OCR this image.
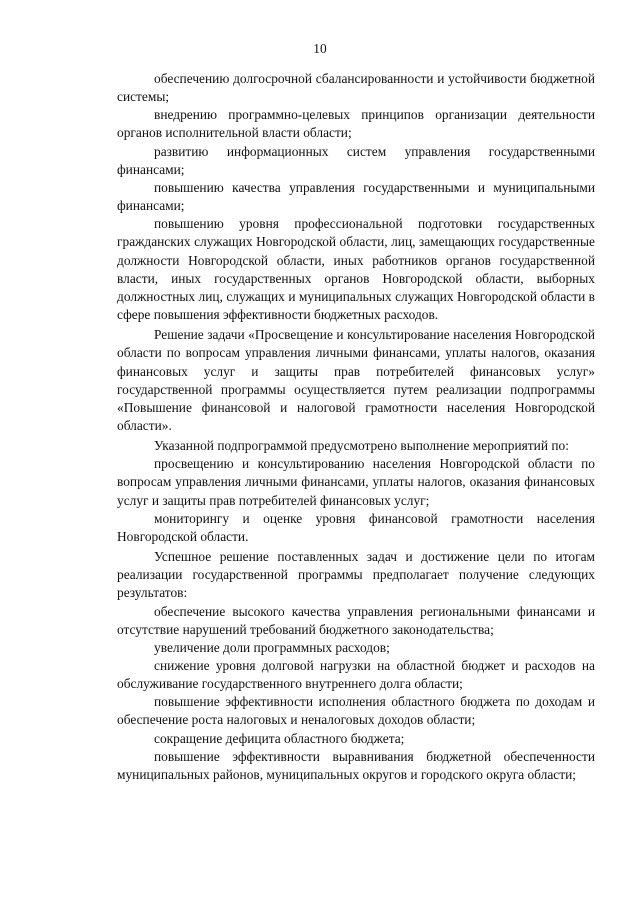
10

обеспечению долгосрочной сбалансированности и устойчивости бюджетной системы;

внедрению программно-целевых принципов организации деятельности органов исполнительной власти области;

развитию информационных систем управления государственными финансами;

повышению качества управления государственными и муниципальными финансами;

повышению уровня профессиональной подготовки государственных гражданских служащих Новгородской области, лиц, замещающих государственные должности Новгородской области, иных работников органов государственной власти, иных государственных органов Новгородской области, выборных должностных лиц, служащих и муниципальных служащих Новгородской области в сфере повышения эффективности бюджетных расходов.

Решение задачи «Просвещение и консультирование населения Новгородской области по вопросам управления личными финансами, уплаты налогов, оказания финансовых услуг и защиты прав потребителей финансовых услуг» государственной программы осуществляется путем реализации подпрограммы «Повышение финансовой и налоговой грамотности населения Новгородской области».

Указанной подпрограммой предусмотрено выполнение мероприятий по:

просвещению и консультированию населения Новгородской области по вопросам управления личными финансами, уплаты налогов, оказания финансовых услуг и защиты прав потребителей финансовых услуг;

мониторингу и оценке уровня финансовой грамотности населения Новгородской области.

Успешное решение поставленных задач и достижение цели по итогам реализации государственной программы предполагает получение следующих результатов:

обеспечение высокого качества управления региональными финансами и отсутствие нарушений требований бюджетного законодательства;

увеличение доли программных расходов;

снижение уровня долговой нагрузки на областной бюджет и расходов на обслуживание государственного внутреннего долга области;

повышение эффективности исполнения областного бюджета по доходам и обеспечение роста налоговых и неналоговых доходов области;

сокращение дефицита областного бюджета;

повышение эффективности выравнивания бюджетной обеспеченности муниципальных районов, муниципальных округов и городского округа области;
